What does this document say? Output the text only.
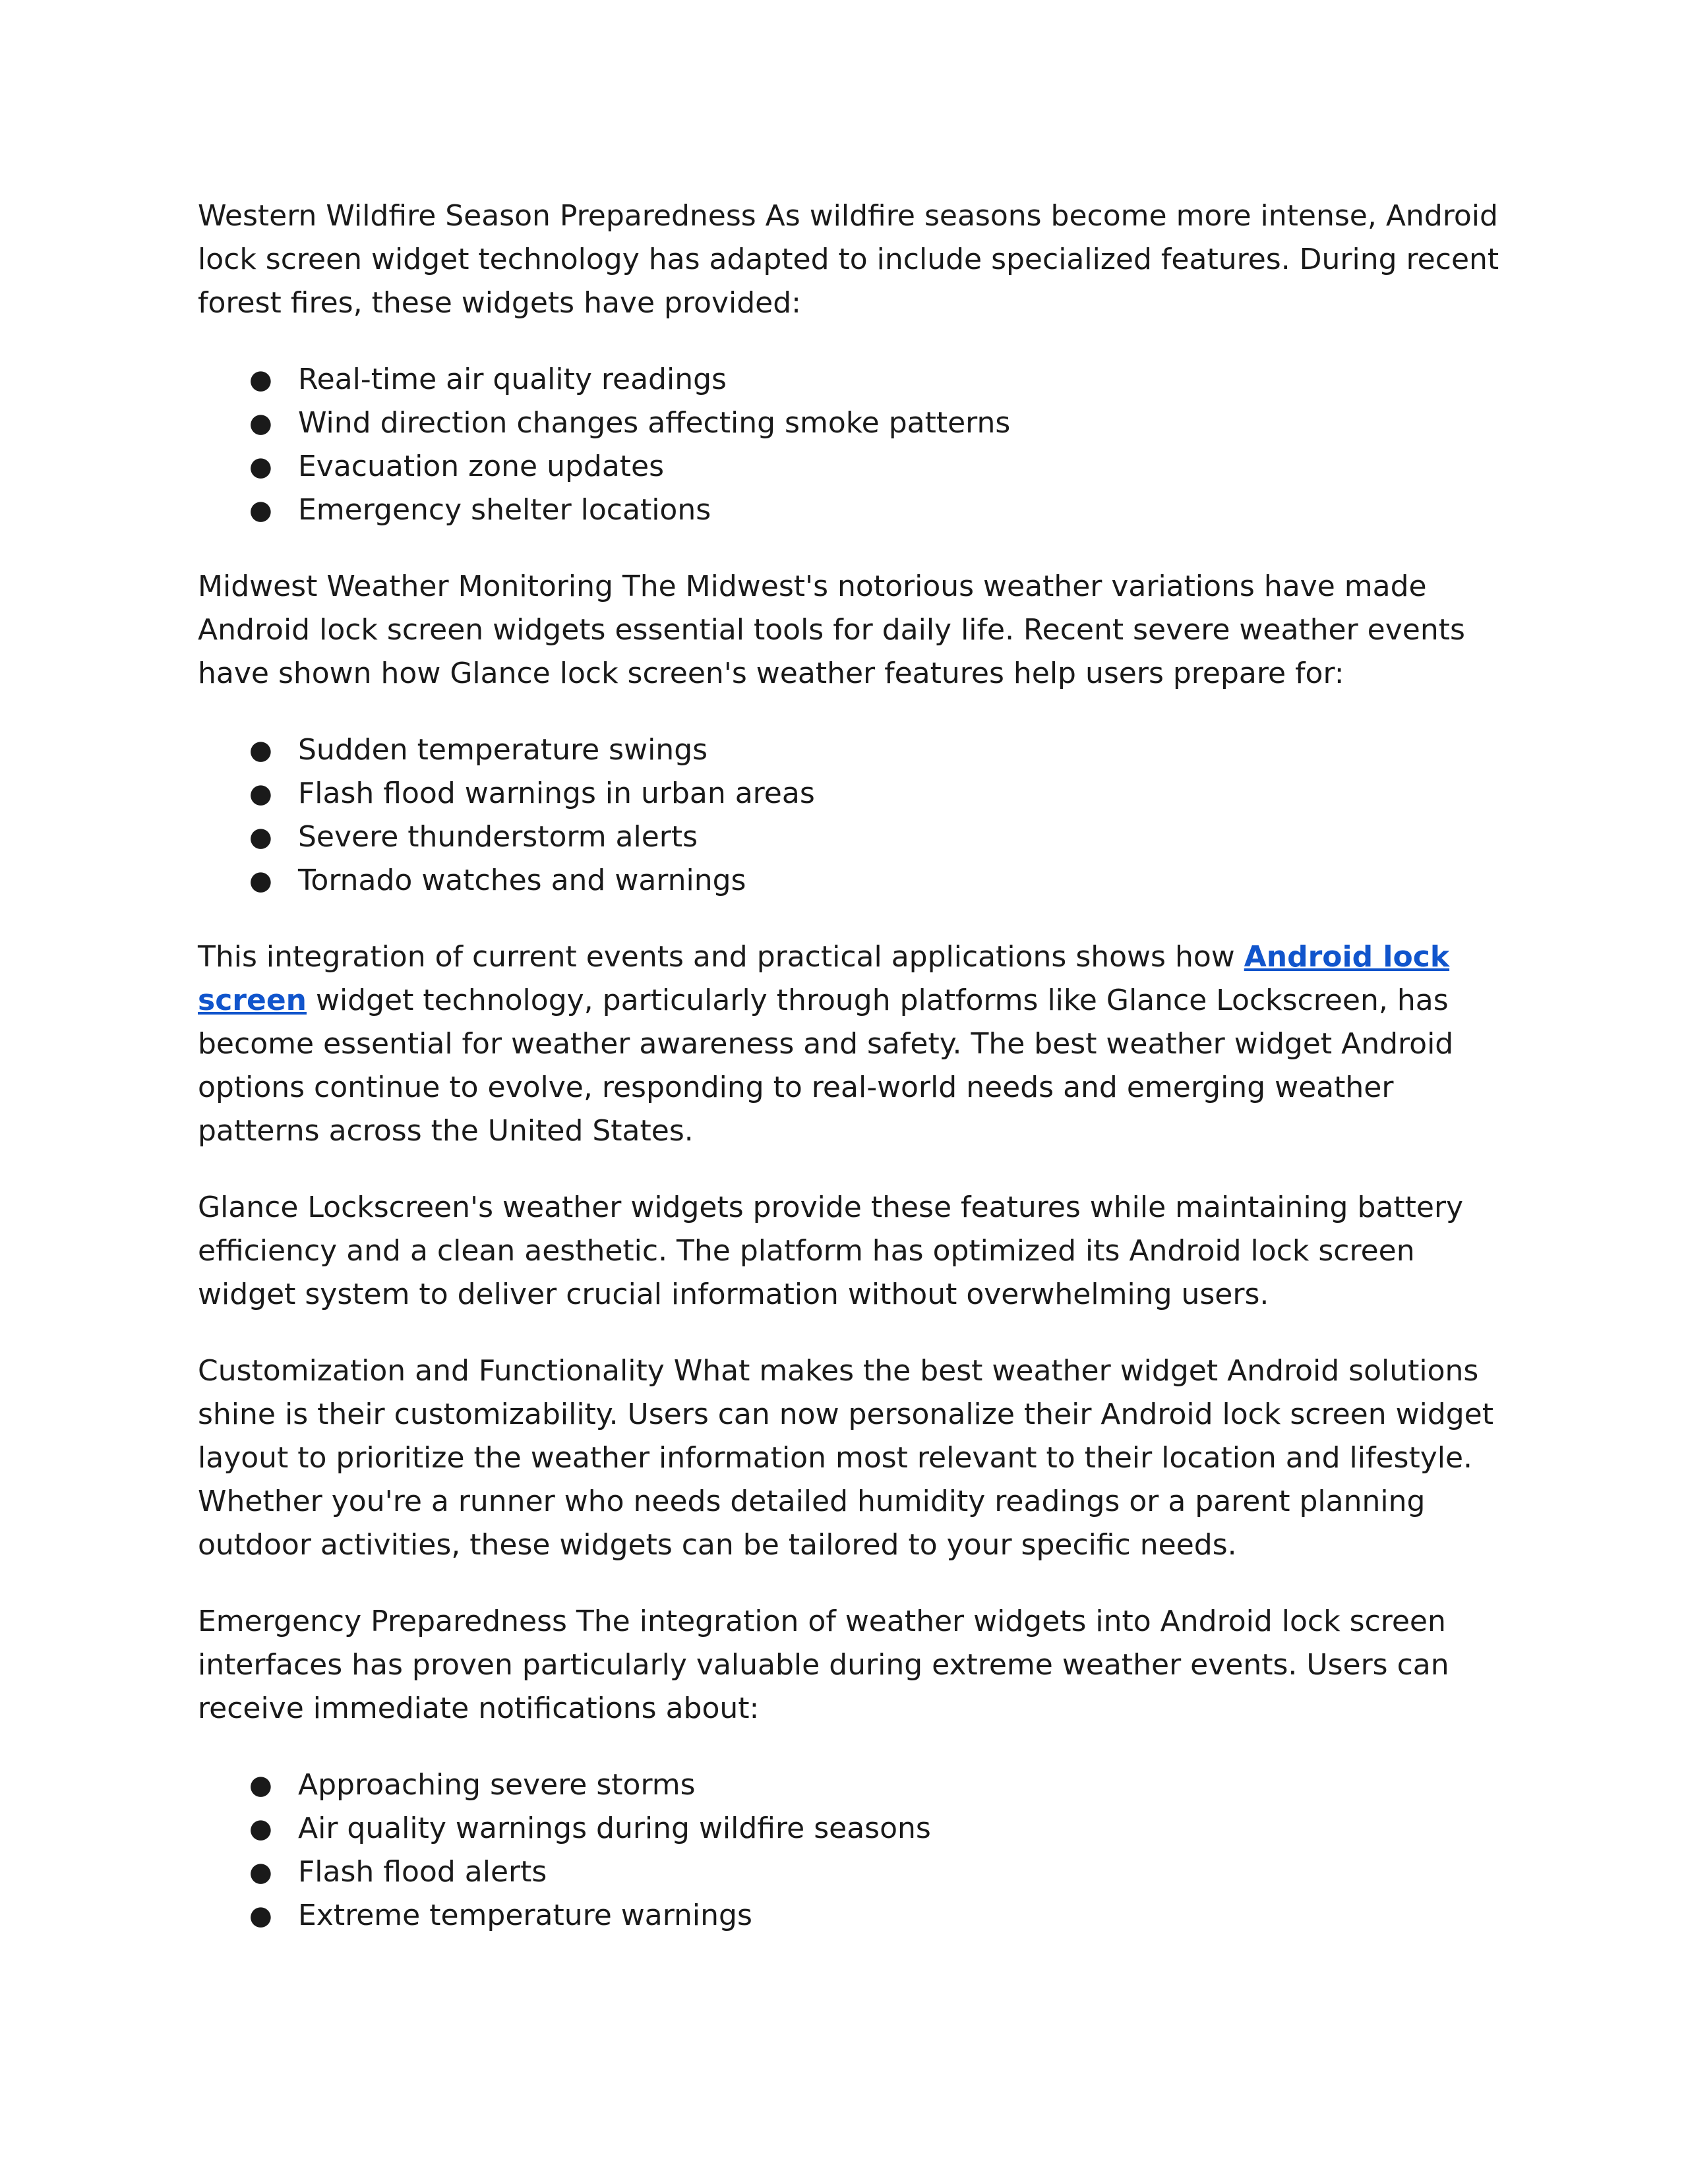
Western Wildfire Season Preparedness As wildfire seasons become more intense, Android lock screen widget technology has adapted to include specialized features. During recent forest fires, these widgets have provided:

● Real-time air quality readings
● Wind direction changes affecting smoke patterns
● Evacuation zone updates
● Emergency shelter locations

Midwest Weather Monitoring The Midwest's notorious weather variations have made Android lock screen widgets essential tools for daily life. Recent severe weather events have shown how Glance lock screen's weather features help users prepare for:

● Sudden temperature swings
● Flash flood warnings in urban areas
● Severe thunderstorm alerts
● Tornado watches and warnings

This integration of current events and practical applications shows how Android lock screen widget technology, particularly through platforms like Glance Lockscreen, has become essential for weather awareness and safety. The best weather widget Android options continue to evolve, responding to real-world needs and emerging weather patterns across the United States.

Glance Lockscreen's weather widgets provide these features while maintaining battery efficiency and a clean aesthetic. The platform has optimized its Android lock screen widget system to deliver crucial information without overwhelming users.

Customization and Functionality What makes the best weather widget Android solutions shine is their customizability. Users can now personalize their Android lock screen widget layout to prioritize the weather information most relevant to their location and lifestyle. Whether you're a runner who needs detailed humidity readings or a parent planning outdoor activities, these widgets can be tailored to your specific needs.

Emergency Preparedness The integration of weather widgets into Android lock screen interfaces has proven particularly valuable during extreme weather events. Users can receive immediate notifications about:

● Approaching severe storms
● Air quality warnings during wildfire seasons
● Flash flood alerts
● Extreme temperature warnings
